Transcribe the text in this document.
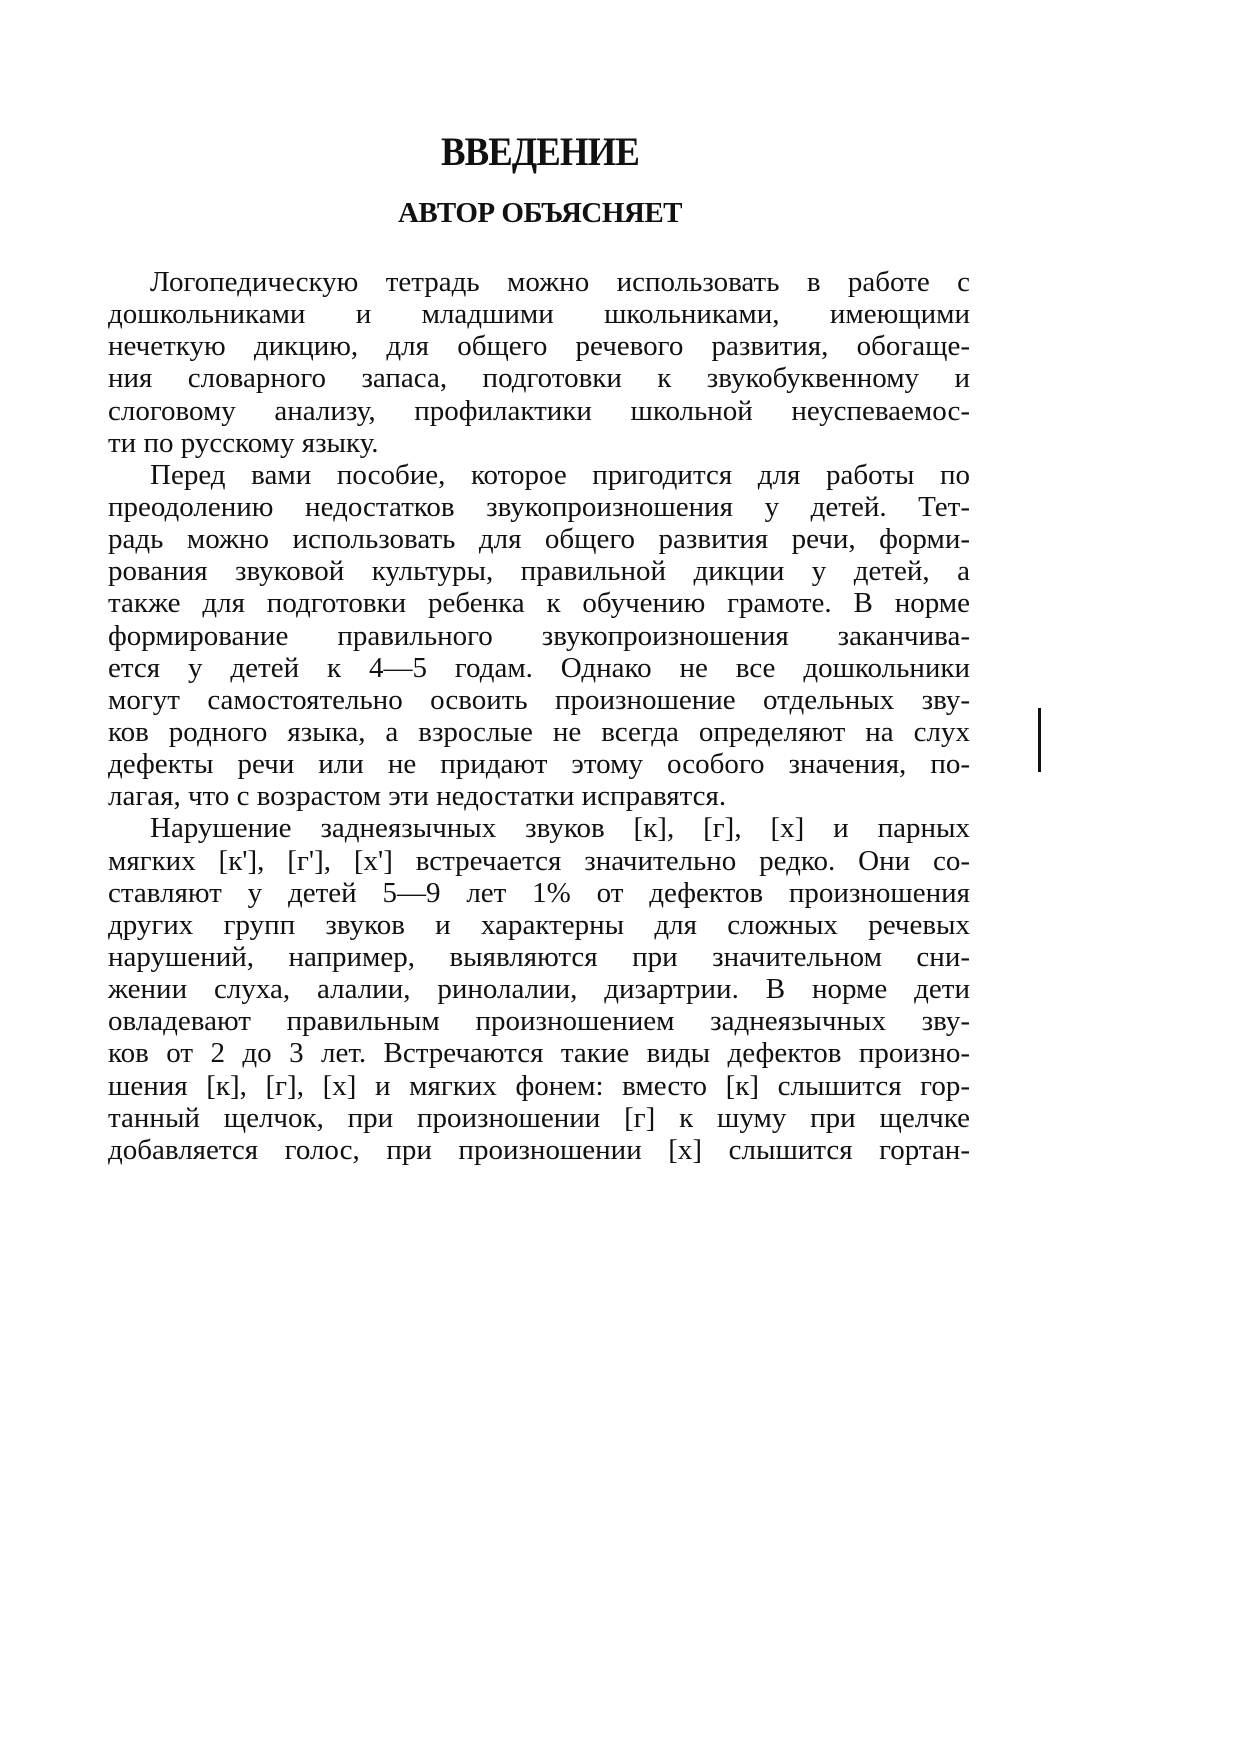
ВВЕДЕНИЕ
АВТОР ОБЪЯСНЯЕТ
Логопедическую тетрадь можно использовать в работе с
дошкольниками и младшими школьниками, имеющими
нечеткую дикцию, для общего речевого развития, обогаще-
ния словарного запаса, подготовки к звукобуквенному и
слоговому анализу, профилактики школьной неуспеваемос-
ти по русскому языку.
Перед вами пособие, которое пригодится для работы по
преодолению недостатков звукопроизношения у детей. Тет-
радь можно использовать для общего развития речи, форми-
рования звуковой культуры, правильной дикции у детей, а
также для подготовки ребенка к обучению грамоте. В норме
формирование правильного звукопроизношения заканчива-
ется у детей к 4—5 годам. Однако не все дошкольники
могут самостоятельно освоить произношение отдельных зву-
ков родного языка, а взрослые не всегда определяют на слух
дефекты речи или не придают этому особого значения, по-
лагая, что с возрастом эти недостатки исправятся.
Нарушение заднеязычных звуков [к], [г], [х] и парных
мягких [к'], [г'], [х'] встречается значительно редко. Они со-
ставляют у детей 5—9 лет 1% от дефектов произношения
других групп звуков и характерны для сложных речевых
нарушений, например, выявляются при значительном сни-
жении слуха, алалии, ринолалии, дизартрии. В норме дети
овладевают правильным произношением заднеязычных зву-
ков от 2 до 3 лет. Встречаются такие виды дефектов произно-
шения [к], [г], [х] и мягких фонем: вместо [к] слышится гор-
танный щелчок, при произношении [г] к шуму при щелчке
добавляется голос, при произношении [х] слышится гортан-
